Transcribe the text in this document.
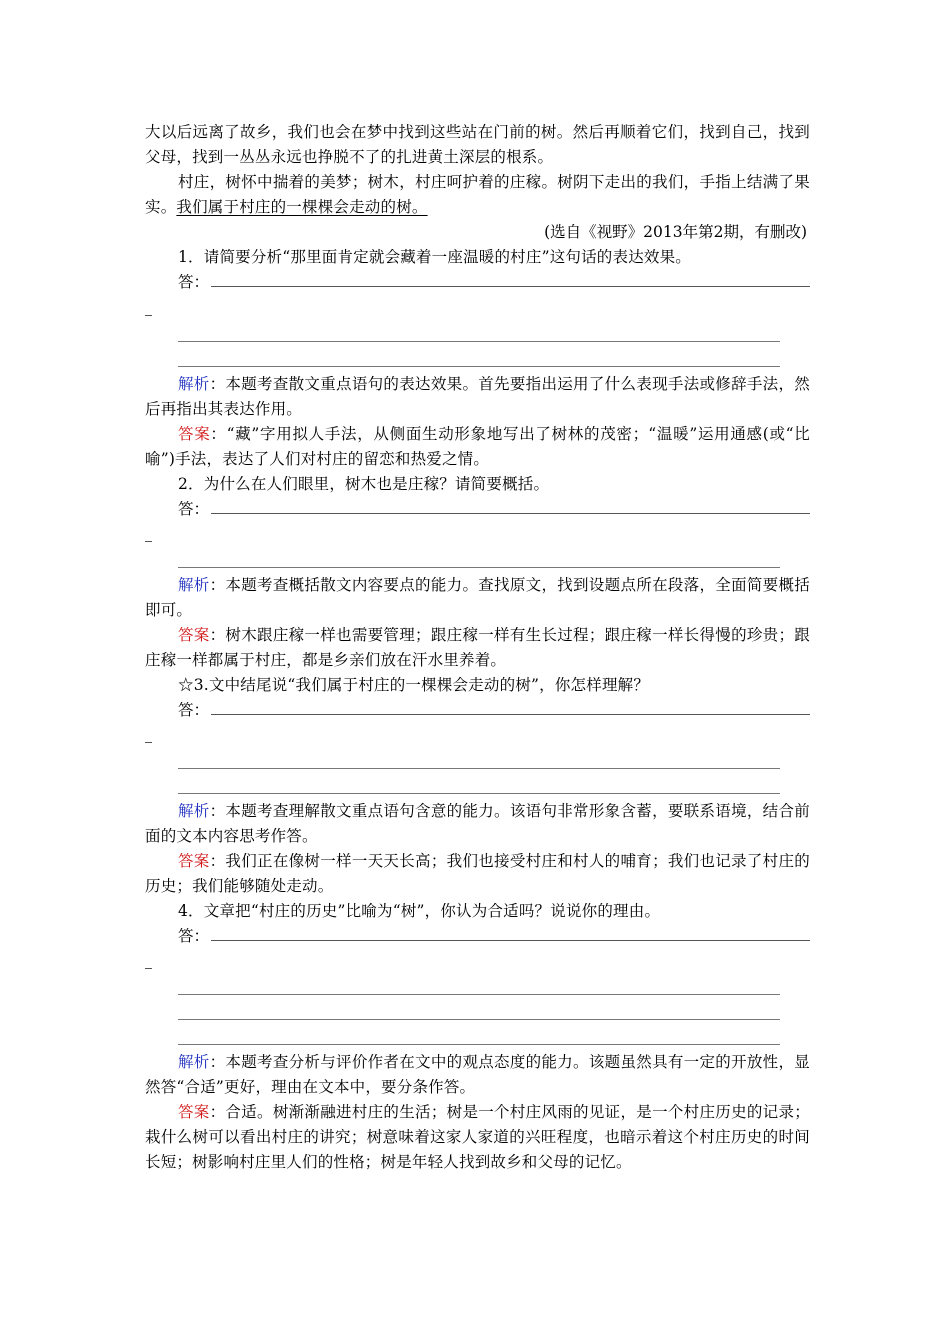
大以后远离了故乡，我们也会在梦中找到这些站在门前的树。然后再顺着它们，找到自己，找到父母，找到一丛丛永远也挣脱不了的扎进黄土深层的根系。

村庄，树怀中揣着的美梦；树木，村庄呵护着的庄稼。树阴下走出的我们，手指上结满了果实。我们属于村庄的一棵棵会走动的树。

(选自《视野》2013年第2期，有删改)

1．请简要分析“那里面肯定就会藏着一座温暖的村庄”这句话的表达效果。

答：

解析：本题考查散文重点语句的表达效果。首先要指出运用了什么表现手法或修辞手法，然后再指出其表达作用。

答案：“藏”字用拟人手法，从侧面生动形象地写出了树林的茂密；“温暖”运用通感(或“比喻”)手法，表达了人们对村庄的留恋和热爱之情。

2．为什么在人们眼里，树木也是庄稼？请简要概括。

答：

解析：本题考查概括散文内容要点的能力。查找原文，找到设题点所在段落，全面简要概括即可。

答案：树木跟庄稼一样也需要管理；跟庄稼一样有生长过程；跟庄稼一样长得慢的珍贵；跟庄稼一样都属于村庄，都是乡亲们放在汗水里养着。

☆3.文中结尾说“我们属于村庄的一棵棵会走动的树”，你怎样理解？

答：

解析：本题考查理解散文重点语句含意的能力。该语句非常形象含蓄，要联系语境，结合前面的文本内容思考作答。

答案：我们正在像树一样一天天长高；我们也接受村庄和村人的哺育；我们也记录了村庄的历史；我们能够随处走动。

4．文章把“村庄的历史”比喻为“树”，你认为合适吗？说说你的理由。

答：

解析：本题考查分析与评价作者在文中的观点态度的能力。该题虽然具有一定的开放性，显然答“合适”更好，理由在文本中，要分条作答。

答案：合适。树渐渐融进村庄的生活；树是一个村庄风雨的见证，是一个村庄历史的记录；栽什么树可以看出村庄的讲究；树意味着这家人家道的兴旺程度，也暗示着这个村庄历史的时间长短；树影响村庄里人们的性格；树是年轻人找到故乡和父母的记忆。
